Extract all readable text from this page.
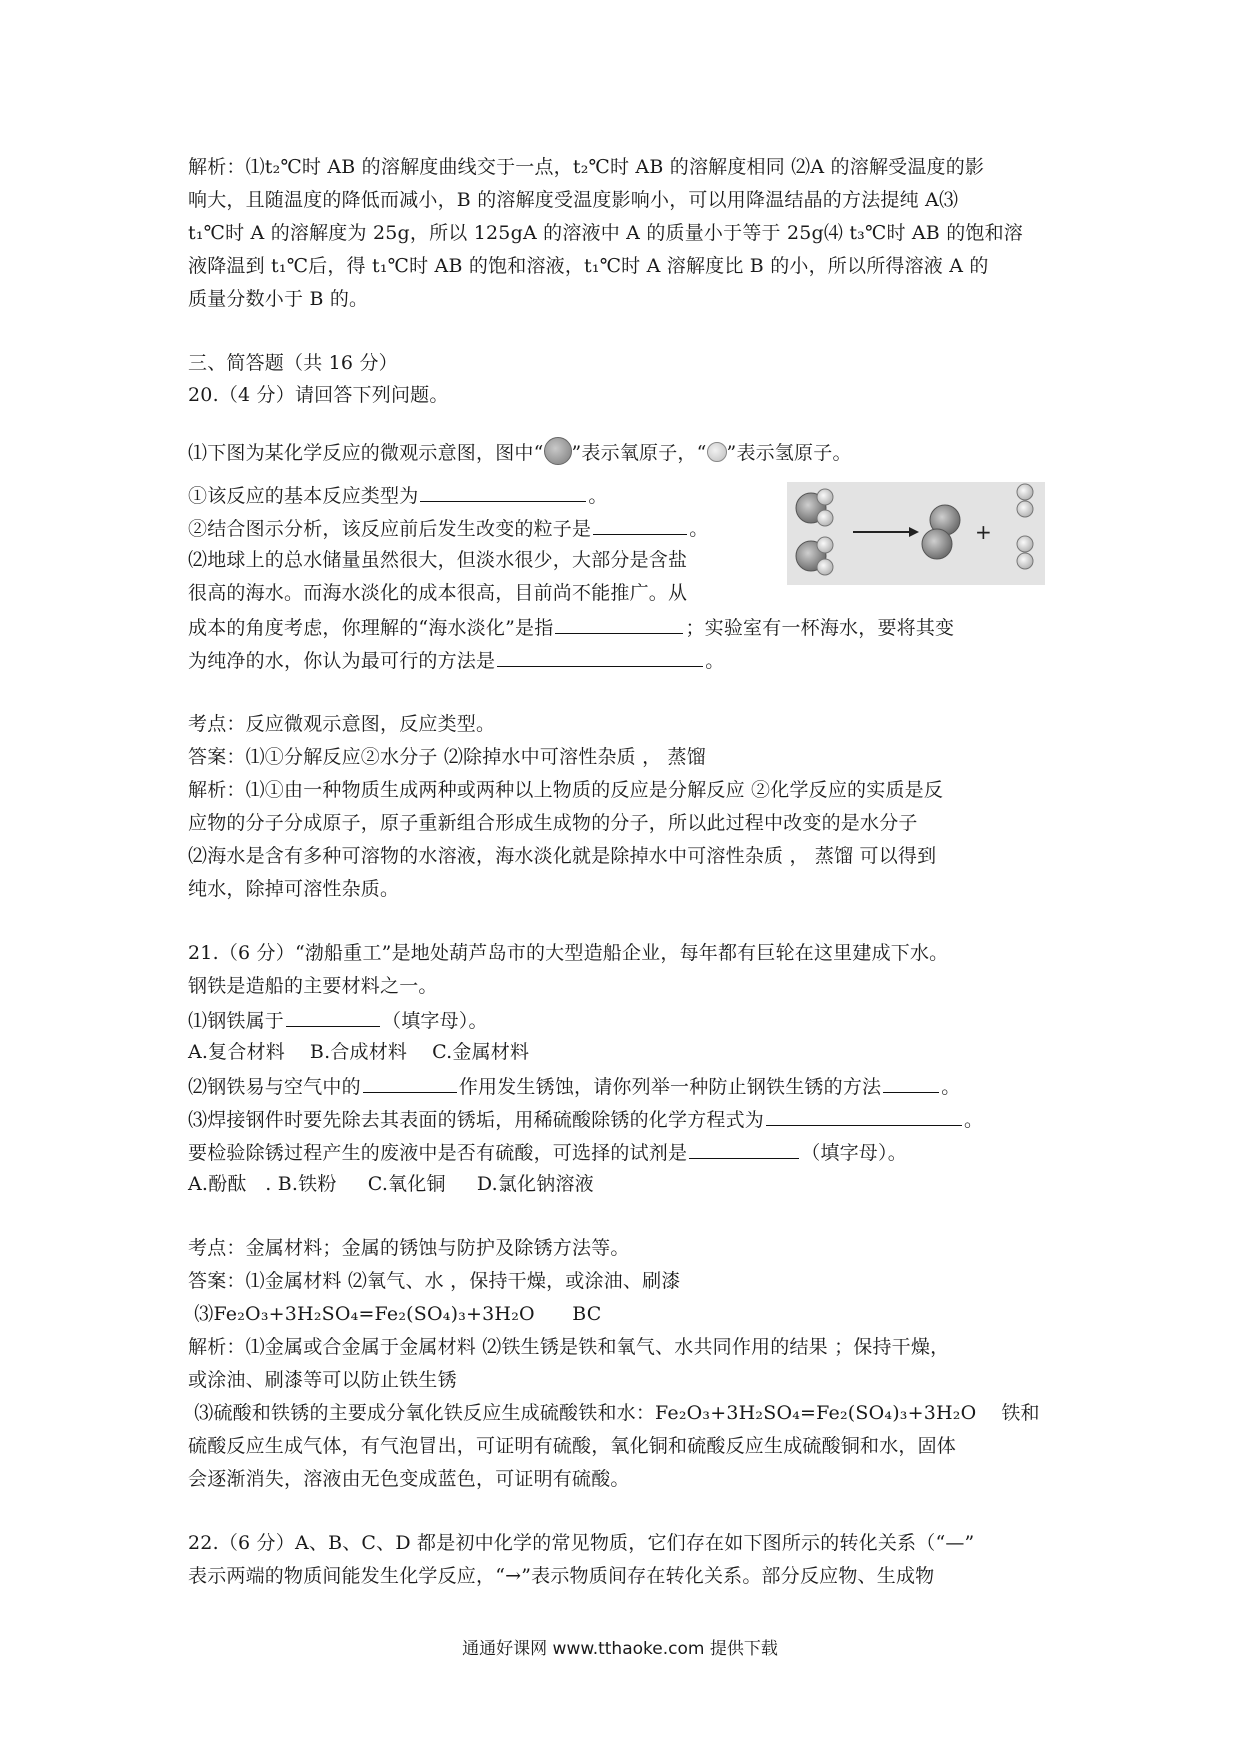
解析：⑴t₂℃时 AB 的溶解度曲线交于一点，t₂℃时 AB 的溶解度相同 ⑵A 的溶解受温度的影
响大，且随温度的降低而减小，B 的溶解度受温度影响小，可以用降温结晶的方法提纯 A⑶
t₁℃时 A 的溶解度为 25g，所以 125gA 的溶液中 A 的质量小于等于 25g⑷ t₃℃时 AB 的饱和溶
液降温到 t₁℃后，得 t₁℃时 AB 的饱和溶液，t₁℃时 A 溶解度比 B 的小，所以所得溶液 A 的
质量分数小于 B 的。
三、简答题（共 16 分）
20.（4 分）请回答下列问题。
⑴下图为某化学反应的微观示意图，图中“ ”表示氧原子，“ ”表示氢原子。
①该反应的基本反应类型为	。
②结合图示分析，该反应前后发生改变的粒子是	。
⑵地球上的总水储量虽然很大，但淡水很少，大部分是含盐
很高的海水。而海水淡化的成本很高，目前尚不能推广。从
成本的角度考虑，你理解的“海水淡化”是指	；实验室有一杯海水，要将其变
为纯净的水，你认为最可行的方法是	。
+
考点：反应微观示意图，反应类型。
答案：⑴①分解反应②水分子 ⑵除掉水中可溶性杂质 ， 蒸馏
解析：⑴①由一种物质生成两种或两种以上物质的反应是分解反应 ②化学反应的实质是反
应物的分子分成原子，原子重新组合形成生成物的分子，所以此过程中改变的是水分子
⑵海水是含有多种可溶物的水溶液，海水淡化就是除掉水中可溶性杂质 ， 蒸馏 可以得到
纯水，除掉可溶性杂质。
21.（6 分）“渤船重工”是地处葫芦岛市的大型造船企业，每年都有巨轮在这里建成下水。
钢铁是造船的主要材料之一。
⑴钢铁属于	（填字母）。
A.复合材料    B.合成材料    C.金属材料
⑵钢铁易与空气中的	作用发生锈蚀，请你列举一种防止钢铁生锈的方法	。
⑶焊接钢件时要先除去其表面的锈垢，用稀硫酸除锈的化学方程式为	。
要检验除锈过程产生的废液中是否有硫酸，可选择的试剂是	（填字母）。
A.酚酞   . B.铁粉     C.氧化铜     D.氯化钠溶液
考点：金属材料；金属的锈蚀与防护及除锈方法等。
答案：⑴金属材料 ⑵氧气、水 ，保持干燥，或涂油、刷漆
⑶Fe₂O₃+3H₂SO₄=Fe₂(SO₄)₃+3H₂O      BC
解析：⑴金属或合金属于金属材料 ⑵铁生锈是铁和氧气、水共同作用的结果 ；保持干燥，
或涂油、刷漆等可以防止铁生锈
⑶硫酸和铁锈的主要成分氧化铁反应生成硫酸铁和水：Fe₂O₃+3H₂SO₄=Fe₂(SO₄)₃+3H₂O    铁和
硫酸反应生成气体，有气泡冒出，可证明有硫酸，氧化铜和硫酸反应生成硫酸铜和水，固体
会逐渐消失，溶液由无色变成蓝色，可证明有硫酸。
22.（6 分）A、B、C、D 都是初中化学的常见物质，它们存在如下图所示的转化关系（“—”
表示两端的物质间能发生化学反应，“→”表示物质间存在转化关系。部分反应物、生成物
通通好课网 www.tthaoke.com 提供下载
